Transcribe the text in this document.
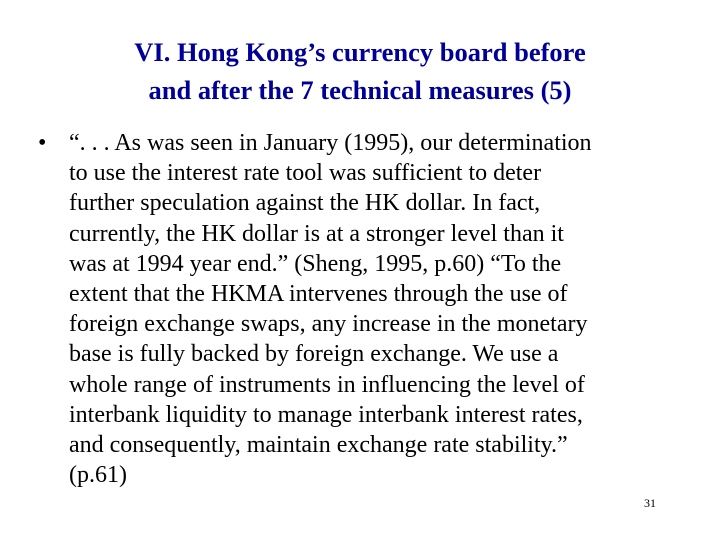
VI. Hong Kong’s currency board before
and after the 7 technical measures (5)
• “. . . As was seen in January (1995), our determination
to use the interest rate tool was sufficient to deter
further speculation against the HK dollar. In fact,
currently, the HK dollar is at a stronger level than it
was at 1994 year end.” (Sheng, 1995, p.60) “To the
extent that the HKMA intervenes through the use of
foreign exchange swaps, any increase in the monetary
base is fully backed by foreign exchange. We use a
whole range of instruments in influencing the level of
interbank liquidity to manage interbank interest rates,
and consequently, maintain exchange rate stability.”
(p.61)
31
